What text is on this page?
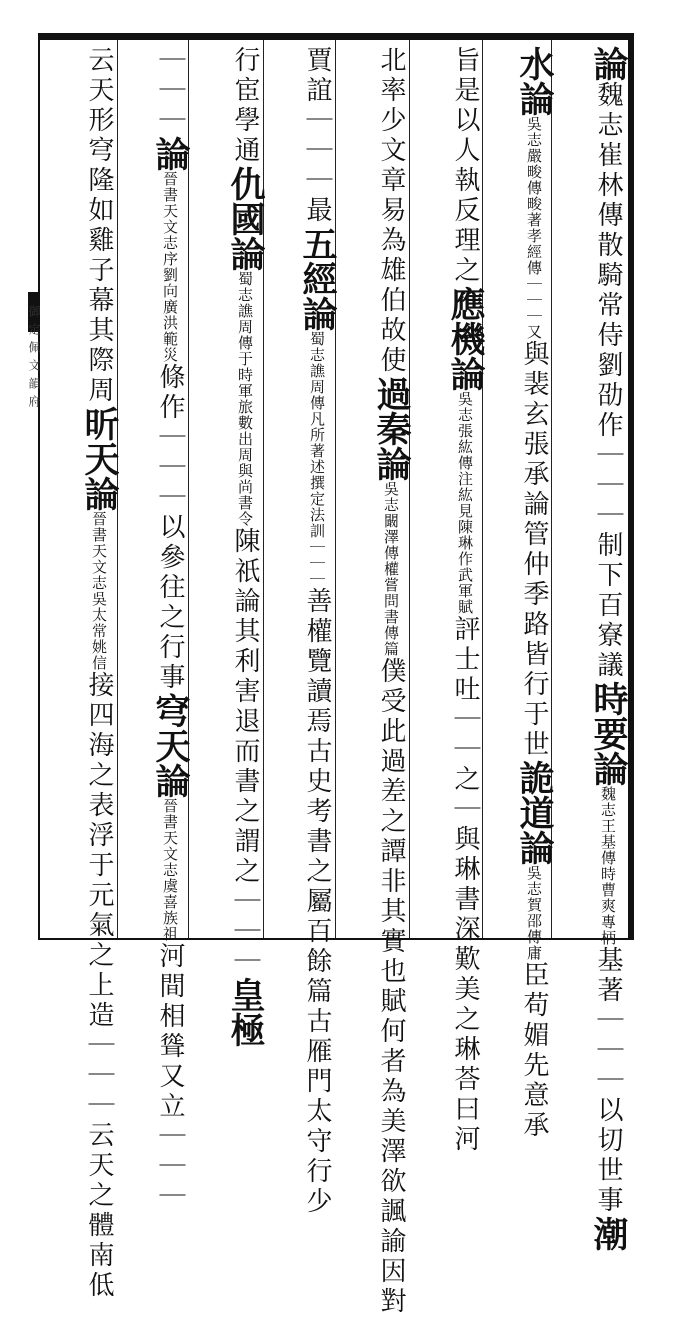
御定佩文韻府
論魏志崔林傳散騎常侍劉劭作｜｜｜制下百寮議時要論魏志王基傳時曹爽專柄基著｜｜｜以切世事潮
水論吳志嚴畯傳畯著孝經傳｜｜｜又與裴玄張承論管仲季路皆行于世詭道論吳志賀邵傳庸臣苟媚先意承
旨是以人執反理之應機論吳志張紘傳注紘見陳琳作武軍賦評士吐｜｜之｜與琳書深歎美之琳荅曰河
北率少文章易為雄伯故使過秦論吳志闞澤傳權嘗問書傳篇僕受此過差之譚非其實也賦何者為美澤欲諷諭因對
賈誼｜｜｜最五經論蜀志譙周傳凡所著述撰定法訓｜｜｜善權覽讀焉古史考書之屬百餘篇古雁門太守行少
行宦學通仇國論蜀志譙周傳于時軍旅數出周與尚書令陳祇論其利害退而書之謂之｜｜｜皇極
｜｜｜論晉書天文志序劉向廣洪範災條作｜｜｜以參往之行事穹天論晉書天文志虞喜族祖河間相聳又立｜｜｜
云天形穹隆如雞子幕其際周昕天論晉書天文志吳太常姚信接四海之表浮于元氣之上造｜｜｜云天之體南低
